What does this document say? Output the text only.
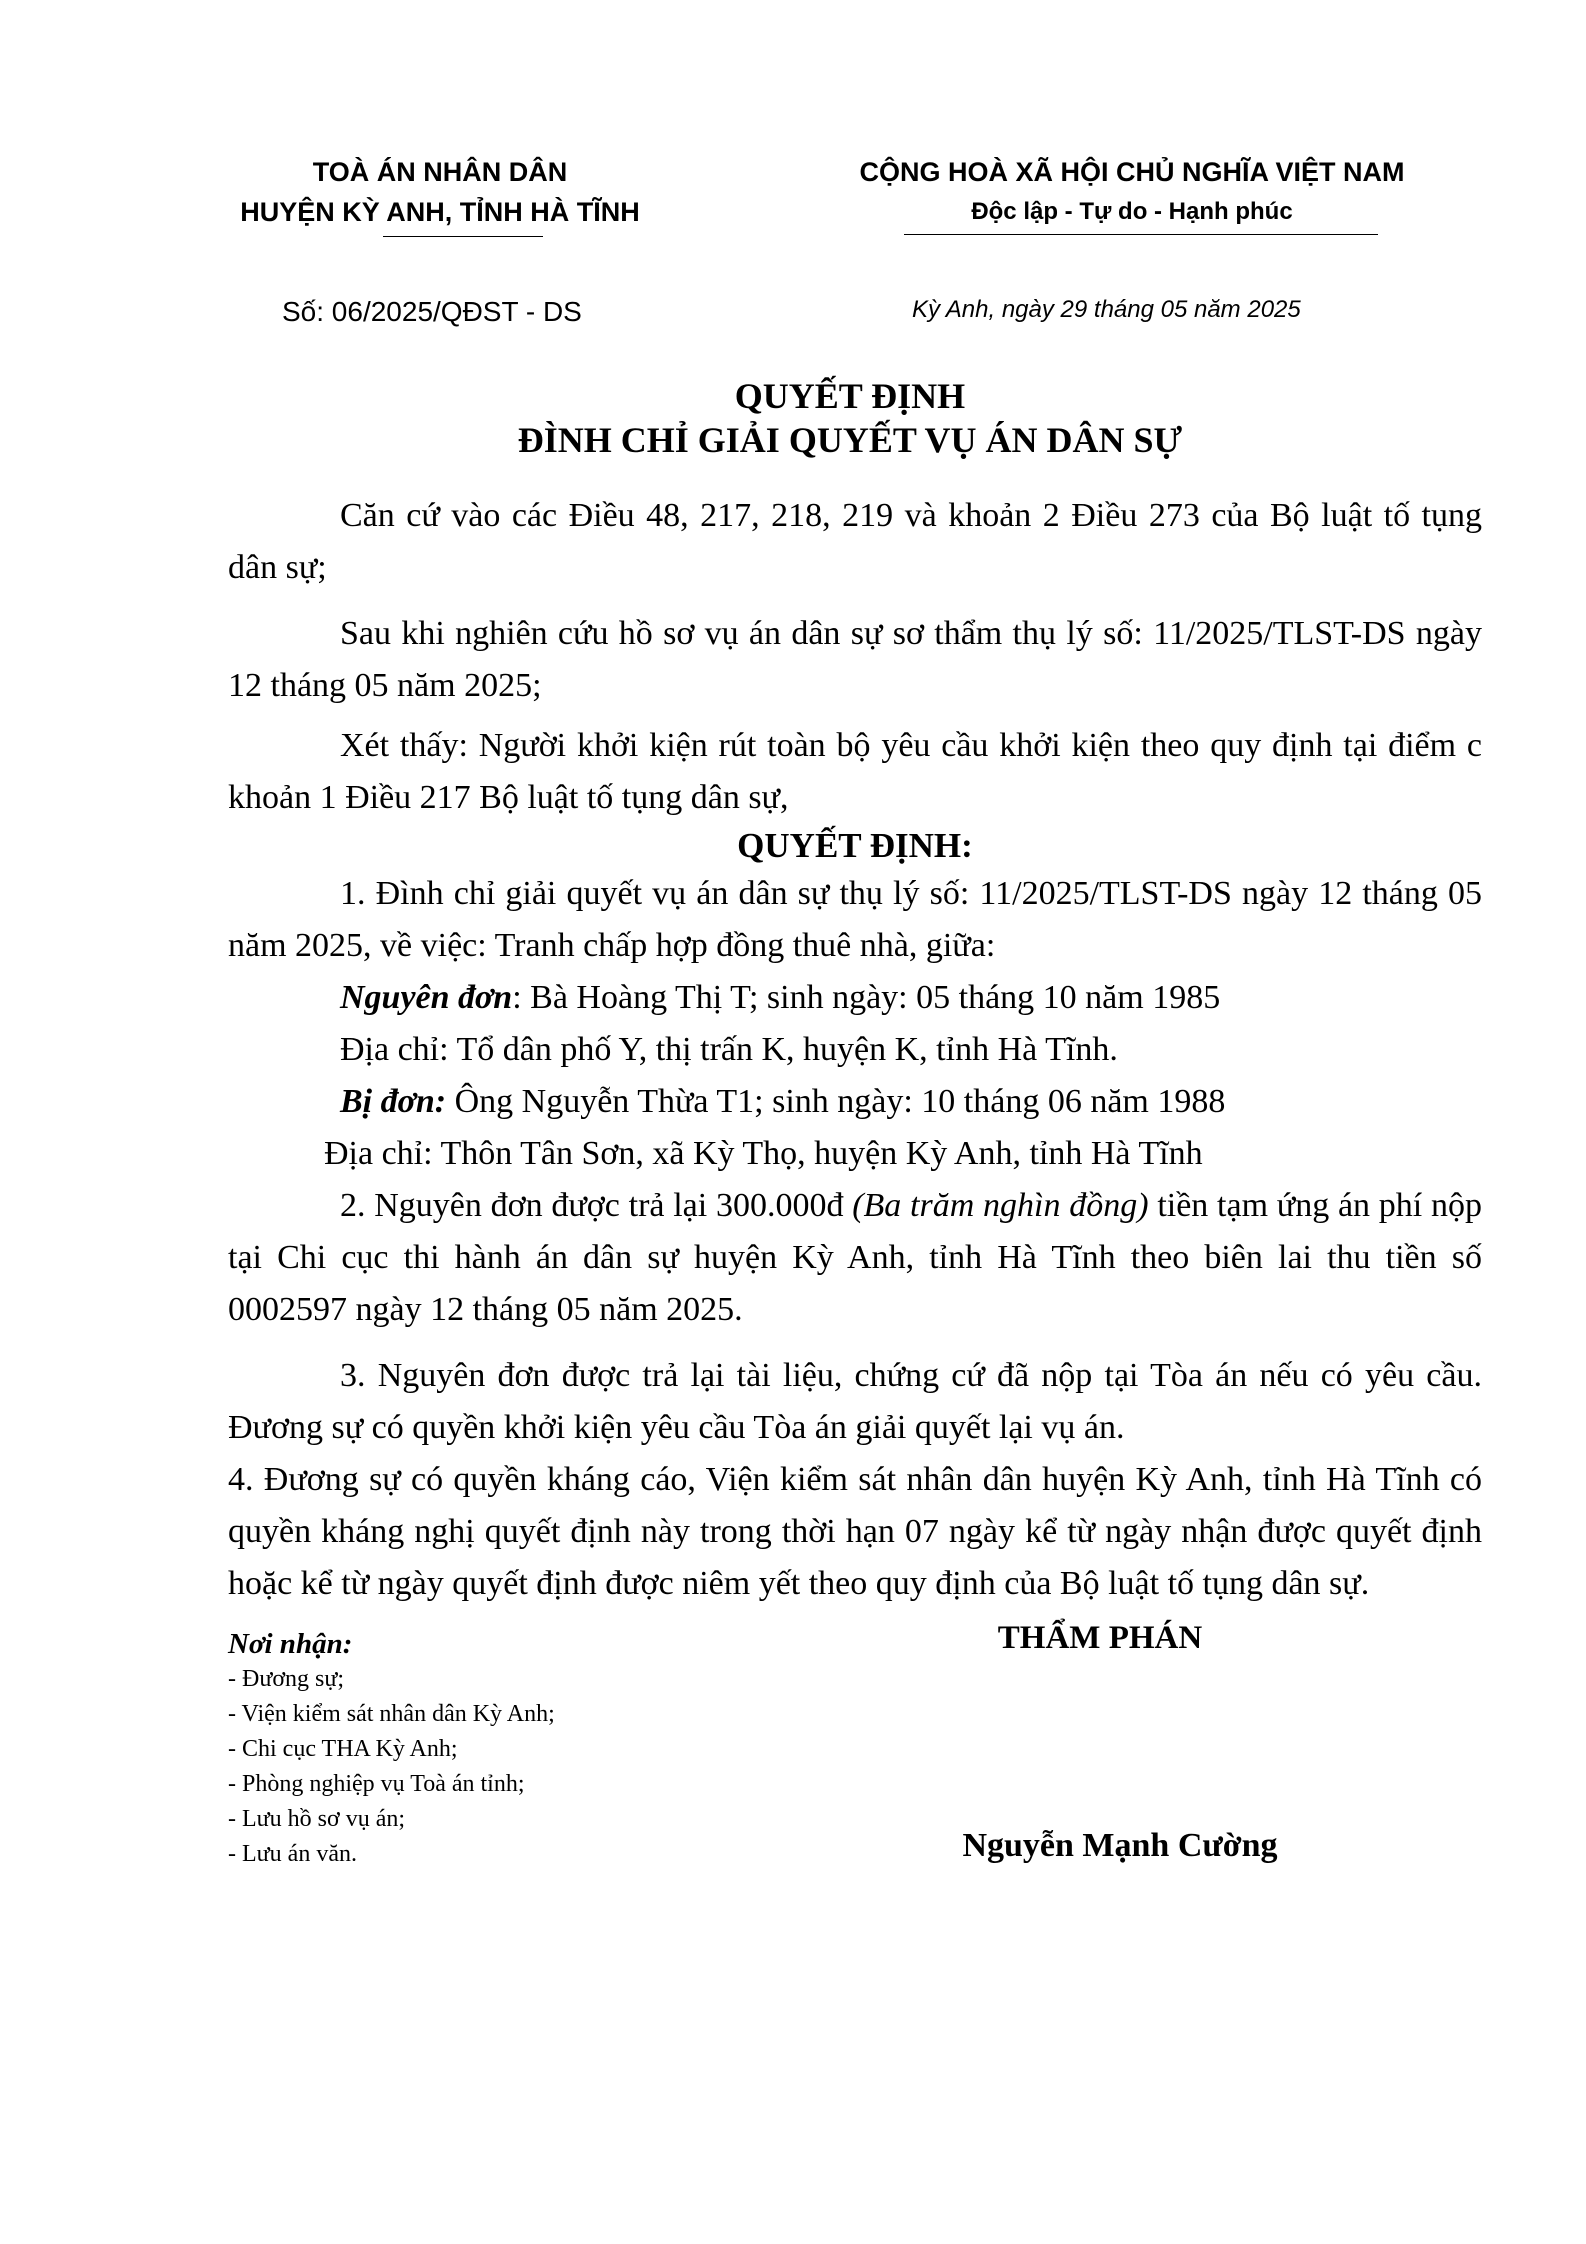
TOÀ ÁN NHÂN DÂN
HUYỆN KỲ ANH, TỈNH HÀ TĨNH
CỘNG HOÀ XÃ HỘI CHỦ NGHĨA VIỆT NAM
Độc lập - Tự do - Hạnh phúc
Số: 06/2025/QĐST - DS	Kỳ Anh, ngày 29 tháng 05 năm 2025
QUYẾT ĐỊNH
ĐÌNH CHỈ GIẢI QUYẾT VỤ ÁN DÂN SỰ

Căn cứ vào các Điều 48, 217, 218, 219 và khoản 2 Điều 273 của Bộ luật tố tụng dân sự;

Sau khi nghiên cứu hồ sơ vụ án dân sự sơ thẩm thụ lý số: 11/2025/TLST-DS ngày 12 tháng 05 năm 2025;

Xét thấy: Người khởi kiện rút toàn bộ yêu cầu khởi kiện theo quy định tại điểm c khoản 1 Điều 217 Bộ luật tố tụng dân sự,

QUYẾT ĐỊNH:

1. Đình chỉ giải quyết vụ án dân sự thụ lý số: 11/2025/TLST-DS ngày 12 tháng 05 năm 2025, về việc: Tranh chấp hợp đồng thuê nhà, giữa:

Nguyên đơn: Bà Hoàng Thị T; sinh ngày: 05 tháng 10 năm 1985

Địa chỉ: Tổ dân phố Y, thị trấn K, huyện K, tỉnh Hà Tĩnh.

Bị đơn: Ông Nguyễn Thừa T1; sinh ngày: 10 tháng 06 năm 1988

Địa chỉ: Thôn Tân Sơn, xã Kỳ Thọ, huyện Kỳ Anh, tỉnh Hà Tĩnh

2. Nguyên đơn được trả lại 300.000đ (Ba trăm nghìn đồng) tiền tạm ứng án phí nộp tại Chi cục thi hành án dân sự huyện Kỳ Anh, tỉnh Hà Tĩnh theo biên lai thu tiền số 0002597 ngày 12 tháng 05 năm 2025.

3. Nguyên đơn được trả lại tài liệu, chứng cứ đã nộp tại Tòa án nếu có yêu cầu. Đương sự có quyền khởi kiện yêu cầu Tòa án giải quyết lại vụ án.

4. Đương sự có quyền kháng cáo, Viện kiểm sát nhân dân huyện Kỳ Anh, tỉnh Hà Tĩnh có quyền kháng nghị quyết định này trong thời hạn 07 ngày kể từ ngày nhận được quyết định hoặc kể từ ngày quyết định được niêm yết theo quy định của Bộ luật tố tụng dân sự.

Nơi nhận:
- Đương sự;
- Viện kiểm sát nhân dân Kỳ Anh;
- Chi cục THA Kỳ Anh;
- Phòng nghiệp vụ Toà án tỉnh;
- Lưu hồ sơ vụ án;
- Lưu án văn.
THẨM PHÁN
Nguyễn Mạnh Cường
